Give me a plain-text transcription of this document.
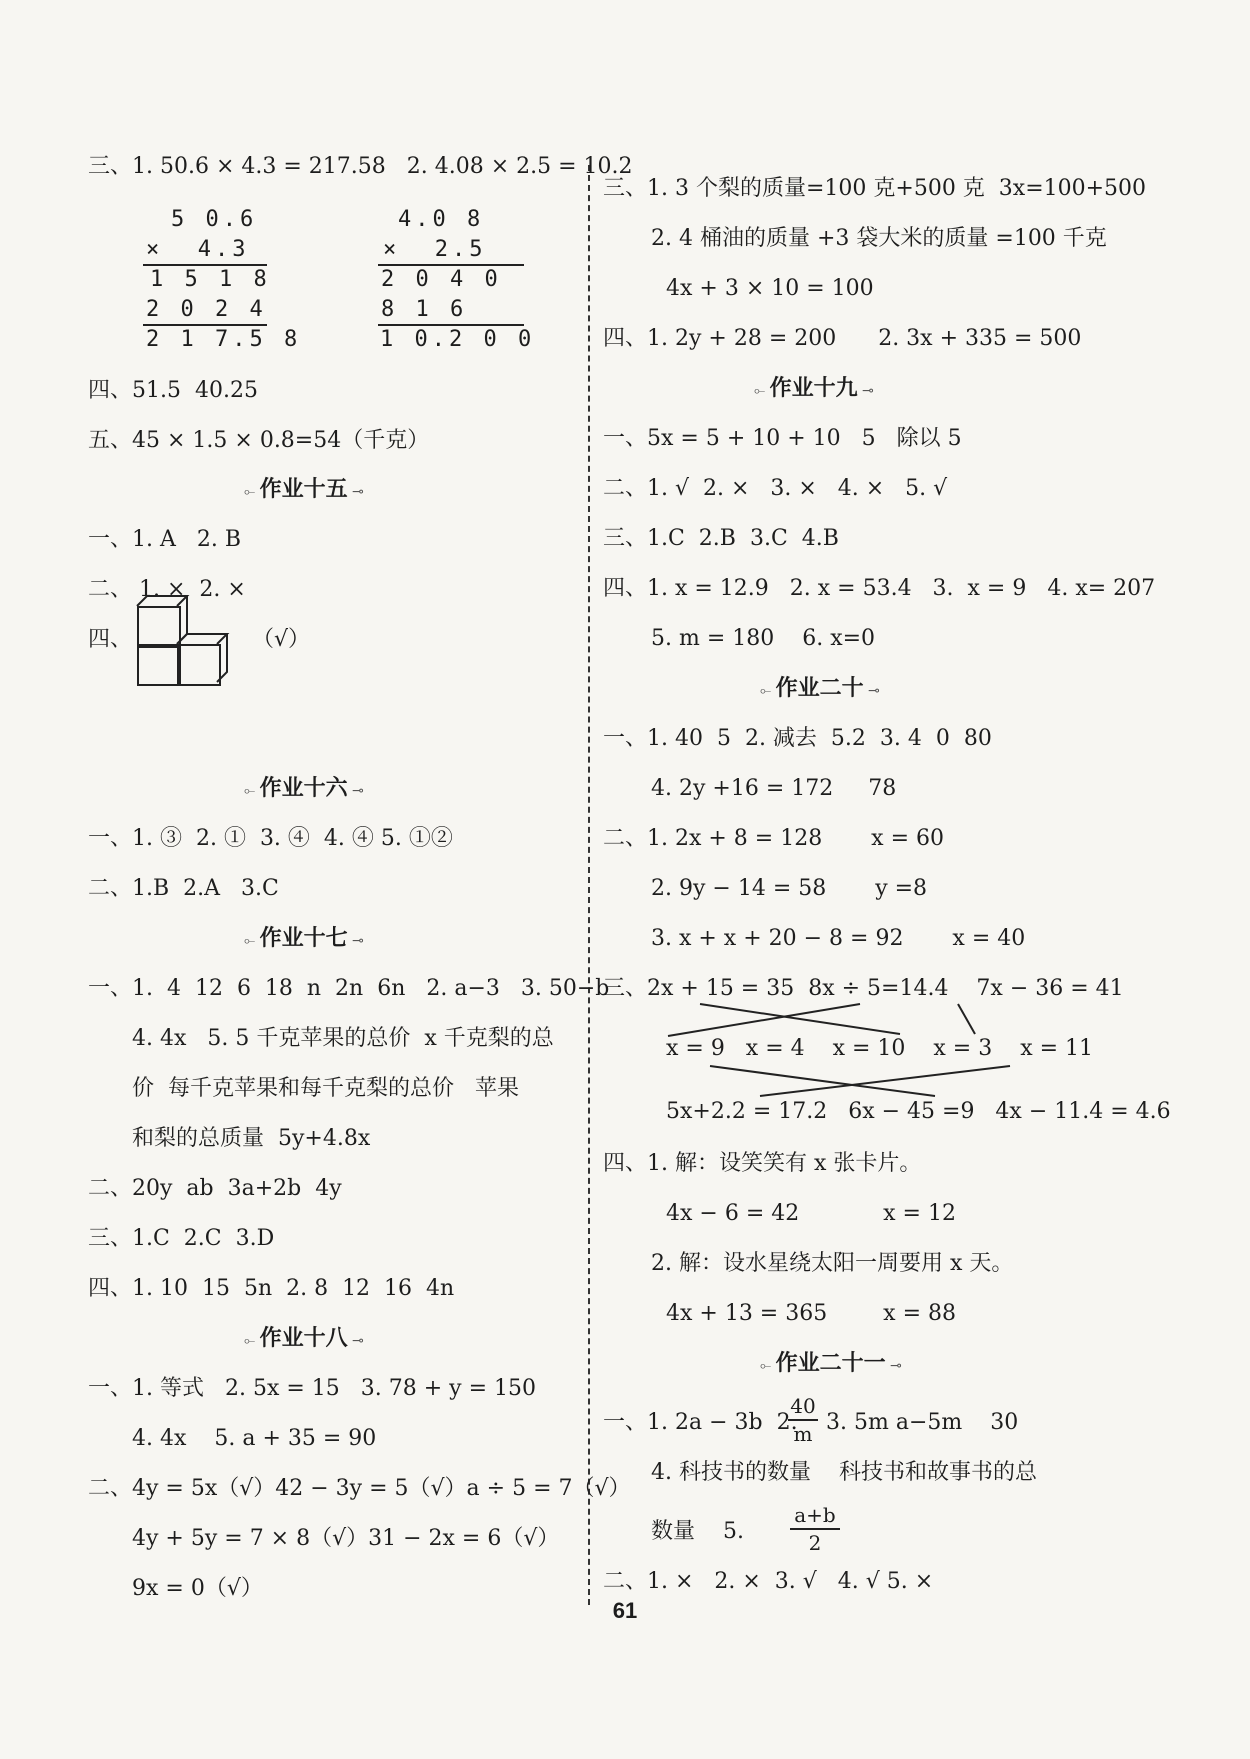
三、1. 50.6 × 4.3 = 217.58   2. 4.08 × 2.5 = 10.2
5 0.6
×  4.3
1 5 1 8
2 0 2 4
2 1 7.5 8
4.0 8
×  2.5
2 0 4 0
8 1 6
1 0.2 0 0
四、51.5  40.25
五、45 × 1.5 × 0.8=54（千克）
⟜ 作业十五 ⊸
一、1. A   2. B
二、 1. ×  2. ×
四、	（√）
⟜ 作业十六 ⊸
一、1. ③  2. ①  3. ④  4. ④ 5. ①②
二、1.B  2.A   3.C
⟜ 作业十七 ⊸
一、1.  4  12  6  18  n  2n  6n   2. a−3   3. 50−b
4. 4x   5. 5 千克苹果的总价  x 千克梨的总
价  每千克苹果和每千克梨的总价   苹果
和梨的总质量  5y+4.8x
二、20y  ab  3a+2b  4y
三、1.C  2.C  3.D
四、1. 10  15  5n  2. 8  12  16  4n
⟜ 作业十八 ⊸
一、1. 等式   2. 5x = 15   3. 78 + y = 150
4. 4x    5. a + 35 = 90
二、4y = 5x（√）42 − 3y = 5（√）a ÷ 5 = 7（√）
4y + 5y = 7 × 8（√）31 − 2x = 6（√）
9x = 0（√）
三、1. 3 个梨的质量=100 克+500 克  3x=100+500
2. 4 桶油的质量 +3 袋大米的质量 =100 千克
4x + 3 × 10 = 100
四、1. 2y + 28 = 200      2. 3x + 335 = 500
⟜ 作业十九 ⊸
一、5x = 5 + 10 + 10   5   除以 5
二、1. √  2. ×   3. ×   4. ×   5. √
三、1.C  2.B  3.C  4.B
四、1. x = 12.9   2. x = 53.4   3.  x = 9   4. x= 207
5. m = 180    6. x=0
⟜ 作业二十 ⊸
一、1. 40  5  2. 减去  5.2  3. 4  0  80
4. 2y +16 = 172     78
二、1. 2x + 8 = 128       x = 60
2. 9y − 14 = 58       y =8
3. x + x + 20 − 8 = 92       x = 40
三、2x + 15 = 35  8x ÷ 5=14.4    7x − 36 = 41
x = 9   x = 4    x = 10    x = 3    x = 11
5x+2.2 = 17.2   6x − 45 =9   4x − 11.4 = 4.6
四、1. 解：设笑笑有 x 张卡片。
4x − 6 = 42            x = 12
2. 解：设水星绕太阳一周要用 x 天。
4x + 13 = 365        x = 88
⟜ 作业二十一 ⊸
一、1. 2a − 3b  2.
40
m 3. 5m a−5m    30
4. 科技书的数量    科技书和故事书的总
数量    5.
a+b
2
二、1. ×   2. ×  3. √   4. √ 5. ×
61
